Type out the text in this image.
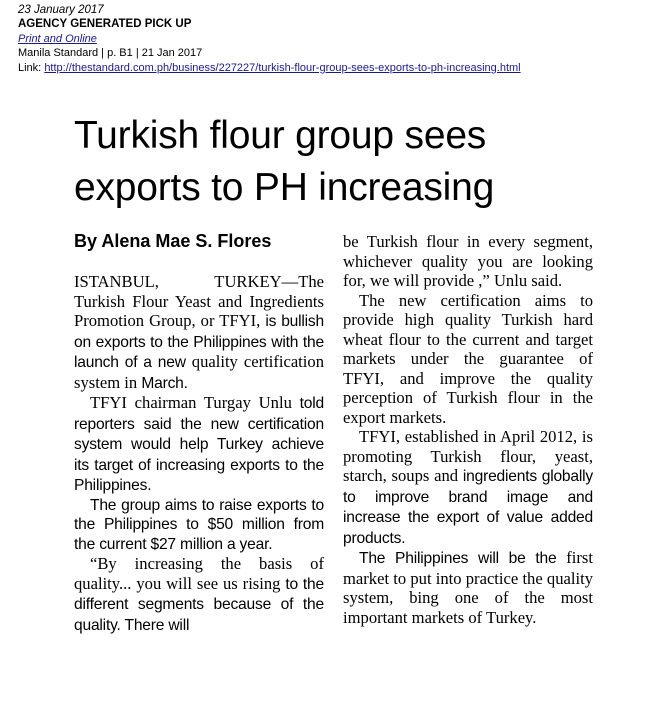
23 January 2017
AGENCY GENERATED PICK UP
Print and Online
Manila Standard | p. B1 | 21 Jan 2017
Link: http://thestandard.com.ph/business/227227/turkish-flour-group-sees-exports-to-ph-increasing.html
Turkish flour group sees
exports to PH increasing
By Alena Mae S. Flores

ISTANBUL, TURKEY—The Turkish Flour Yeast and Ingredients Promotion Group, or TFYI, is bullish on exports to the Philippines with the launch of a new quality certification system in March.

TFYI chairman Turgay Unlu told reporters said the new certification system would help Turkey achieve its target of increasing exports to the Philippines.

The group aims to raise exports to the Philippines to $50 million from the current $27 million a year.

“By increasing the basis of quality... you will see us rising to the different segments because of the quality. There will

be Turkish flour in every segment, whichever quality you are looking for, we will provide ,” Unlu said.

The new certification aims to provide high quality Turkish hard wheat flour to the current and target markets under the guarantee of TFYI, and improve the quality perception of Turkish flour in the export markets.

TFYI, established in April 2012, is promoting Turkish flour, yeast, starch, soups and ingredients globally to improve brand image and increase the export of value added products.

The Philippines will be the first market to put into practice the quality system, bing one of the most important markets of Turkey.
